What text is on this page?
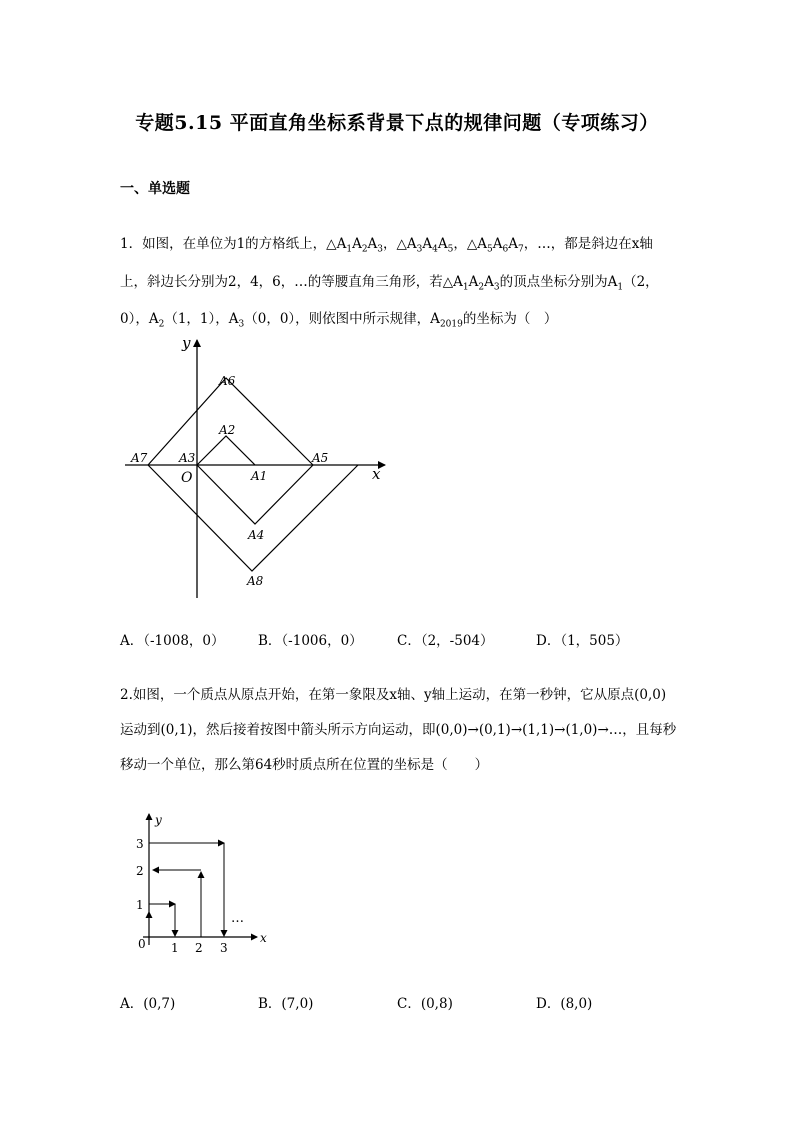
专题5.15 平面直角坐标系背景下点的规律问题（专项练习）
一、单选题
1．如图，在单位为1的方格纸上，$\triangle A_1A_2A_3$，$\triangle A_3A_4A_5$，$\triangle A_5A_6A_7$，…，都是斜边在x轴
上，斜边长分别为2，4，6，…的等腰直角三角形，若$\triangle A_1A_2A_3$的顶点坐标分别为$A_1(2$，
0），$A_2(1$，1），$A_3(0$，0），则依图中所示规律，$A_{2019}$的坐标为（　）
y
x
O
A6
A2
A7	A3
A1
A5
A4
A8
A．（-1008，0） B．（-1006，0）	C．（2，-504）	D．（1，505）
2.如图，一个质点从原点开始，在第一象限及x轴、y轴上运动，在第一秒钟，它从原点(0,0)
运动到(0,1)，然后接着按图中箭头所示方向运动，即(0,0)→(0,1)→(1,1)→(1,0)→…，且每秒
移动一个单位，那么第64秒时质点所在位置的坐标是（　　）
y
x
0 1 2 3
1
2
3
…
A．(0,7)	B．(7,0)	C．(0,8)	D．(8,0)
